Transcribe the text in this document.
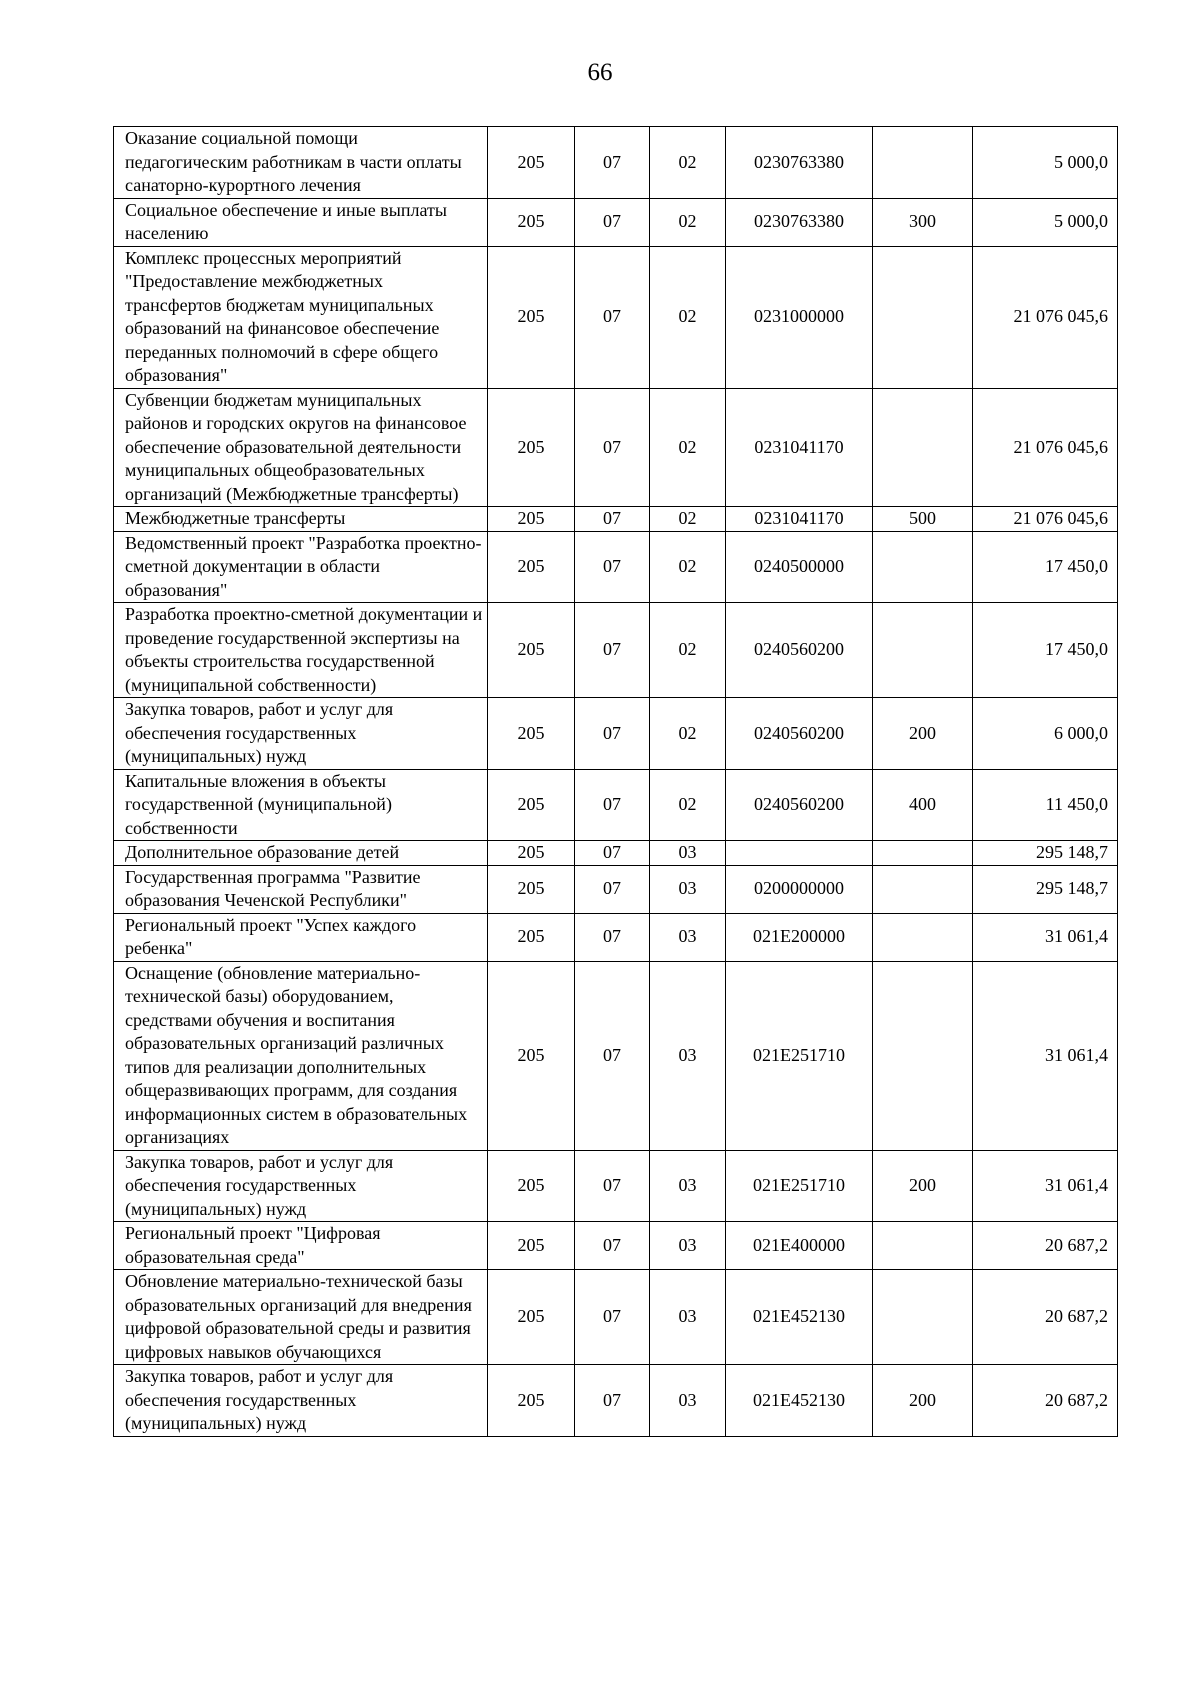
66
Оказание социальной помощи педагогическим работникам в части оплаты санаторно-курортного лечения	205	07	02	0230763380		5 000,0
Социальное обеспечение и иные выплаты населению	205	07	02	0230763380	300	5 000,0
Комплекс процессных мероприятий "Предоставление межбюджетных трансфертов бюджетам муниципальных образований на финансовое обеспечение переданных полномочий в сфере общего образования"	205	07	02	0231000000		21 076 045,6
Субвенции бюджетам муниципальных районов и городских округов на финансовое обеспечение образовательной деятельности муниципальных общеобразовательных организаций (Межбюджетные трансферты)	205	07	02	0231041170		21 076 045,6
Межбюджетные трансферты	205	07	02	0231041170	500	21 076 045,6
Ведомственный проект "Разработка проектно-сметной документации в области образования"	205	07	02	0240500000		17 450,0
Разработка проектно-сметной документации и проведение государственной экспертизы на объекты строительства государственной (муниципальной собственности)	205	07	02	0240560200		17 450,0
Закупка товаров, работ и услуг для обеспечения государственных (муниципальных) нужд	205	07	02	0240560200	200	6 000,0
Капитальные вложения в объекты государственной (муниципальной) собственности	205	07	02	0240560200	400	11 450,0
Дополнительное образование детей	205	07	03			295 148,7
Государственная программа "Развитие образования Чеченской Республики"	205	07	03	0200000000		295 148,7
Региональный проект "Успех каждого ребенка"	205	07	03	021E200000		31 061,4
Оснащение (обновление материально-технической базы) оборудованием, средствами обучения и воспитания образовательных организаций различных типов для реализации дополнительных общеразвивающих программ, для создания информационных систем в образовательных организациях	205	07	03	021E251710		31 061,4
Закупка товаров, работ и услуг для обеспечения государственных (муниципальных) нужд	205	07	03	021E251710	200	31 061,4
Региональный проект "Цифровая образовательная среда"	205	07	03	021E400000		20 687,2
Обновление материально-технической базы образовательных организаций для внедрения цифровой образовательной среды и развития цифровых навыков обучающихся	205	07	03	021E452130		20 687,2
Закупка товаров, работ и услуг для обеспечения государственных (муниципальных) нужд	205	07	03	021E452130	200	20 687,2
